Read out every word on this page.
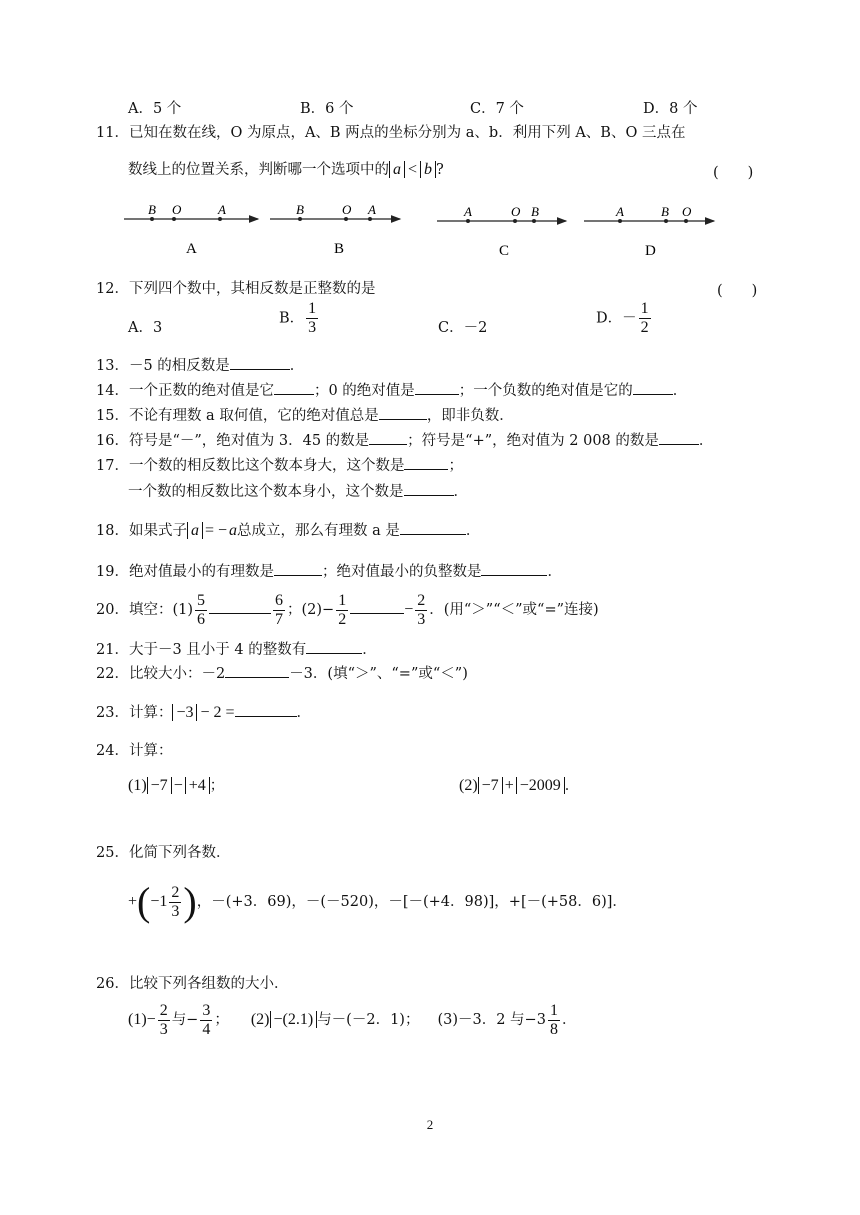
A．5 个	B．6 个	C．7 个	D．8 个
11．已知在数在线，O 为原点，A、B 两点的坐标分别为 a、b．利用下列 A、B、O 三点在
数线上的位置关系，判断哪一个选项中的 a < b ?	(　　)
B O	A
A
B	O A
B
A	O B
C
A	B O
D
12．下列四个数中，其相反数是正整数的是	(　　)
A．3
B． $\frac{1}{3}$	C．－2
D．－ $\frac{1}{2}$
13．－5 的相反数是	．
14．一个正数的绝对值是它	；0 的绝对值是	；一个负数的绝对值是它的	．
15．不论有理数 a 取何值，它的绝对值总是	，即非负数．
16．符号是“－”，绝对值为 3．45 的数是	；符号是“+”，绝对值为 2 008 的数是	．
17．一个数的相反数比这个数本身大，这个数是	；
一个数的相反数比这个数本身小，这个数是	．
18．如果式子 a = − a总成立，那么有理数 a 是	．
19．绝对值最小的有理数是	；绝对值最小的负整数是	．
20．填空：$(1) \frac{5}{6}$	$\frac{6}{7}$ ；$(2)- \frac{1}{2}$	− $\frac{2}{3}$ ．(用“＞”“＜”或“=”连接)
21．大于－3 且小于 4 的整数有	．
22．比较大小：－2	－3．(填“＞”、“=”或“＜”)
23．计算： −3 − 2 =	．
24．计算：
(1) −7 − +4 ；	(2) −7 + −2009 ．
25．化简下列各数．
$+(-1 \frac{2}{3}$ )，－(+3．69)，－(－520)，－[－(+4．98)]，+[－(+58．6)]．
26．比较下列各组数的大小．
$(1)- \frac{2}{3}$ 与− $\frac{3}{4}$ ； (2) −(2.1) 与－(－2．1)； (3)－3．2 与$-3 \frac{1}{8}$ ．
2
